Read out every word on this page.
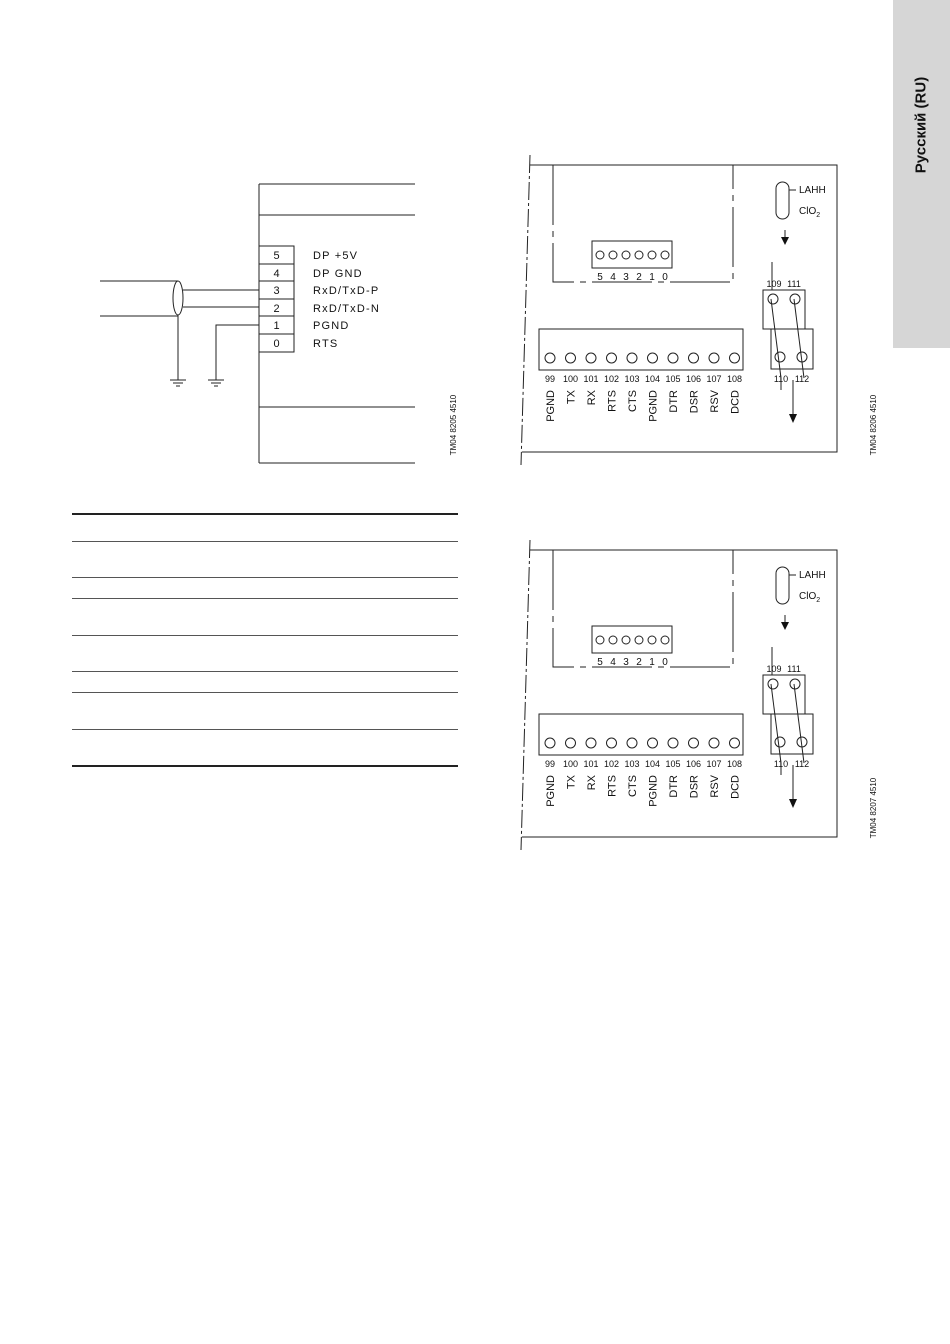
Русский (RU)
5
4
3
2
1
0
DP +5V
DP GND
RxD/TxD-P
RxD/TxD-N
PGND
RTS
TM04 8205 4510
5 4 3 2 1 0
99 100 101 102 103 104 105 106 107 108
109 111
110 112
PGND TX RX RTS CTS PGND DTR DSR RSV DCD
LAHH
ClO$_2$
TM04 8206 4510
5 4 3 2 1 0
99 100 101 102 103 104 105 106 107 108
109 111
110 112
PGND TX RX RTS CTS PGND DTR DSR RSV DCD
LAHH
ClO$_2$
TM04 8207 4510
